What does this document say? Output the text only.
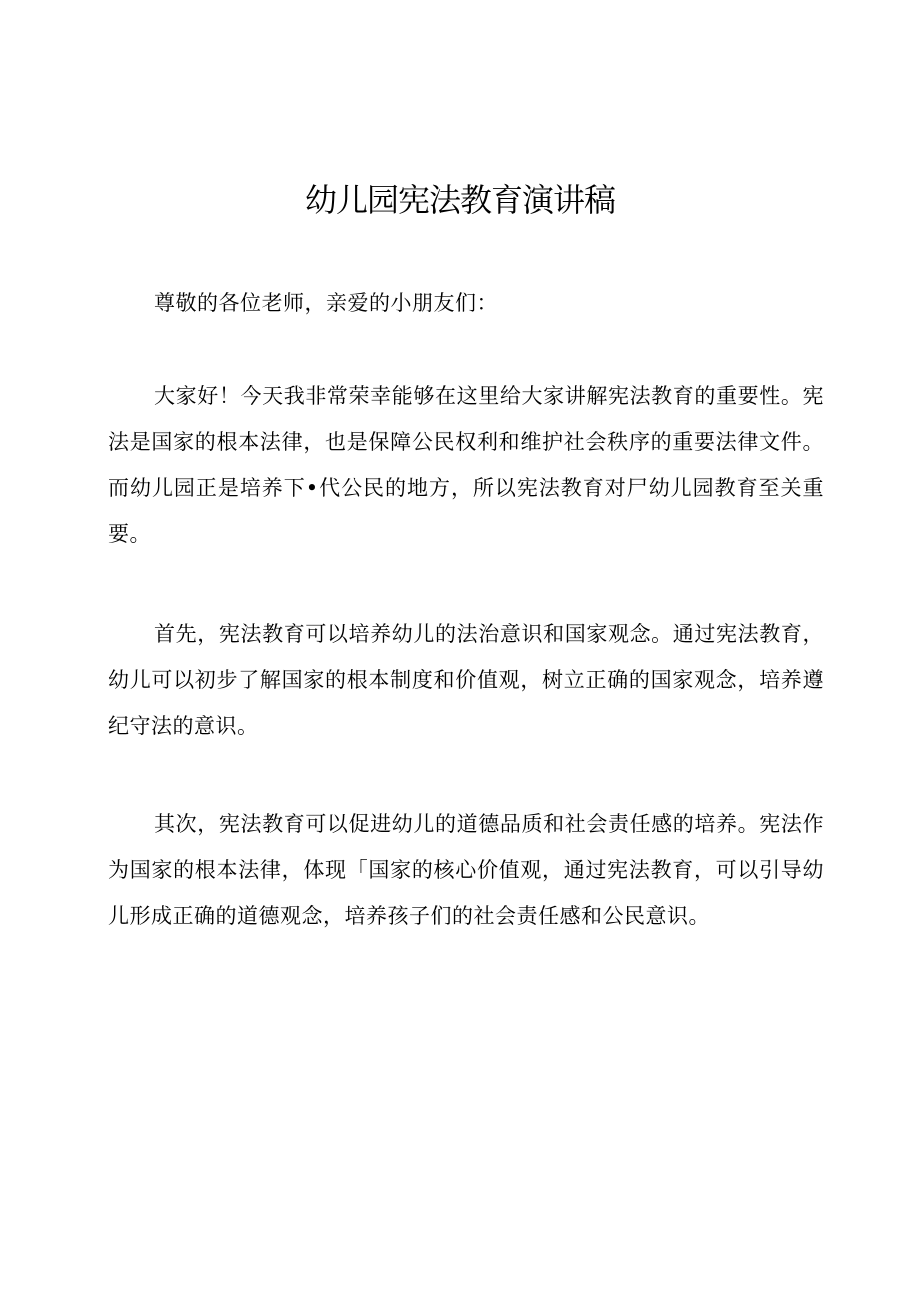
幼儿园宪法教育演讲稿

尊敬的各位老师，亲爱的小朋友们：

大家好！今天我非常荣幸能够在这里给大家讲解宪法教育的重要性。宪法是国家的根本法律，也是保障公民权利和维护社会秩序的重要法律文件。而幼儿园正是培养下•代公民的地方，所以宪法教育对尸幼儿园教育至关重要。

首先，宪法教育可以培养幼儿的法治意识和国家观念。通过宪法教育，幼儿可以初步了解国家的根本制度和价值观，树立正确的国家观念，培养遵纪守法的意识。

其次，宪法教育可以促进幼儿的道德品质和社会责任感的培养。宪法作为国家的根本法律，体现「国家的核心价值观，通过宪法教育，可以引导幼儿形成正确的道德观念，培养孩子们的社会责任感和公民意识。
